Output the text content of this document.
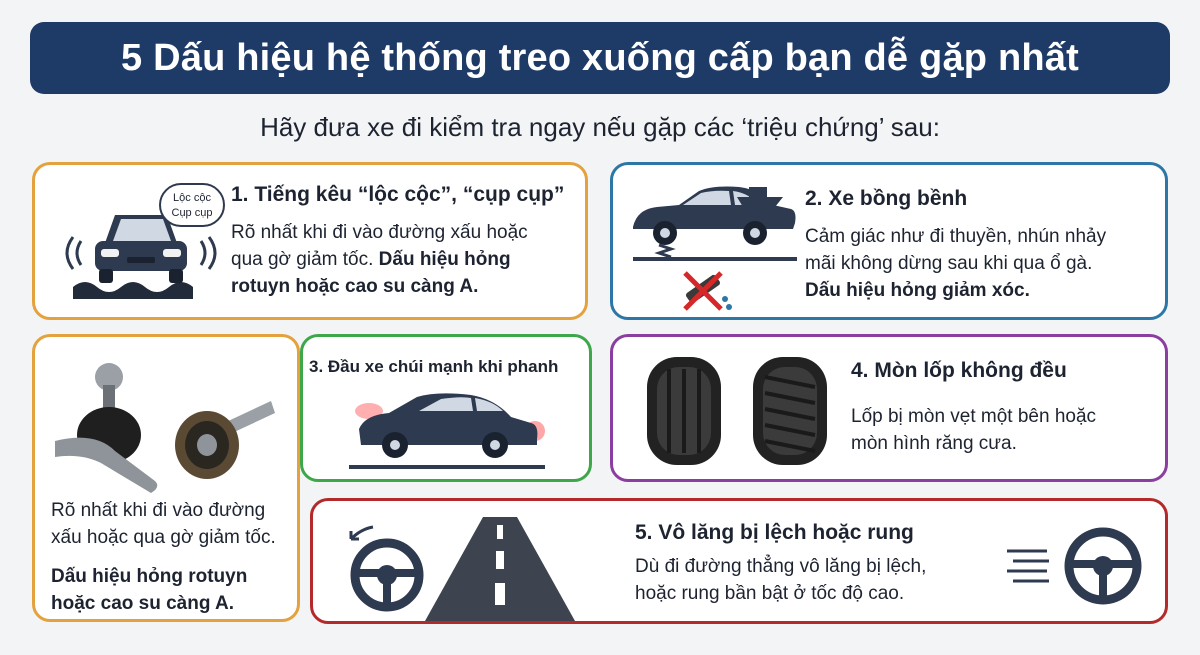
5 Dấu hiệu hệ thống treo xuống cấp bạn dễ gặp nhất
Hãy đưa xe đi kiểm tra ngay nếu gặp các ‘triệu chứng’ sau:
Lộc cộc
Cụp cụp
1. Tiếng kêu “lộc cộc”, “cụp cụp”
Rõ nhất khi đi vào đường xấu hoặc
qua gờ giảm tốc. Dấu hiệu hỏng
rotuyn hoặc cao su càng A.
2. Xe bồng bềnh
Cảm giác như đi thuyền, nhún nhảy
mãi không dừng sau khi qua ổ gà.
Dấu hiệu hỏng giảm xóc.
Rõ nhất khi đi vào đường
xấu hoặc qua gờ giảm tốc.
Dấu hiệu hỏng rotuyn
hoặc cao su càng A.
3. Đầu xe chúi mạnh khi phanh	4. Mòn lốp không đều
Lốp bị mòn vẹt một bên hoặc
mòn hình răng cưa.
5. Vô lăng bị lệch hoặc rung
Dù đi đường thẳng vô lăng bị lệch,
hoặc rung bần bật ở tốc độ cao.
